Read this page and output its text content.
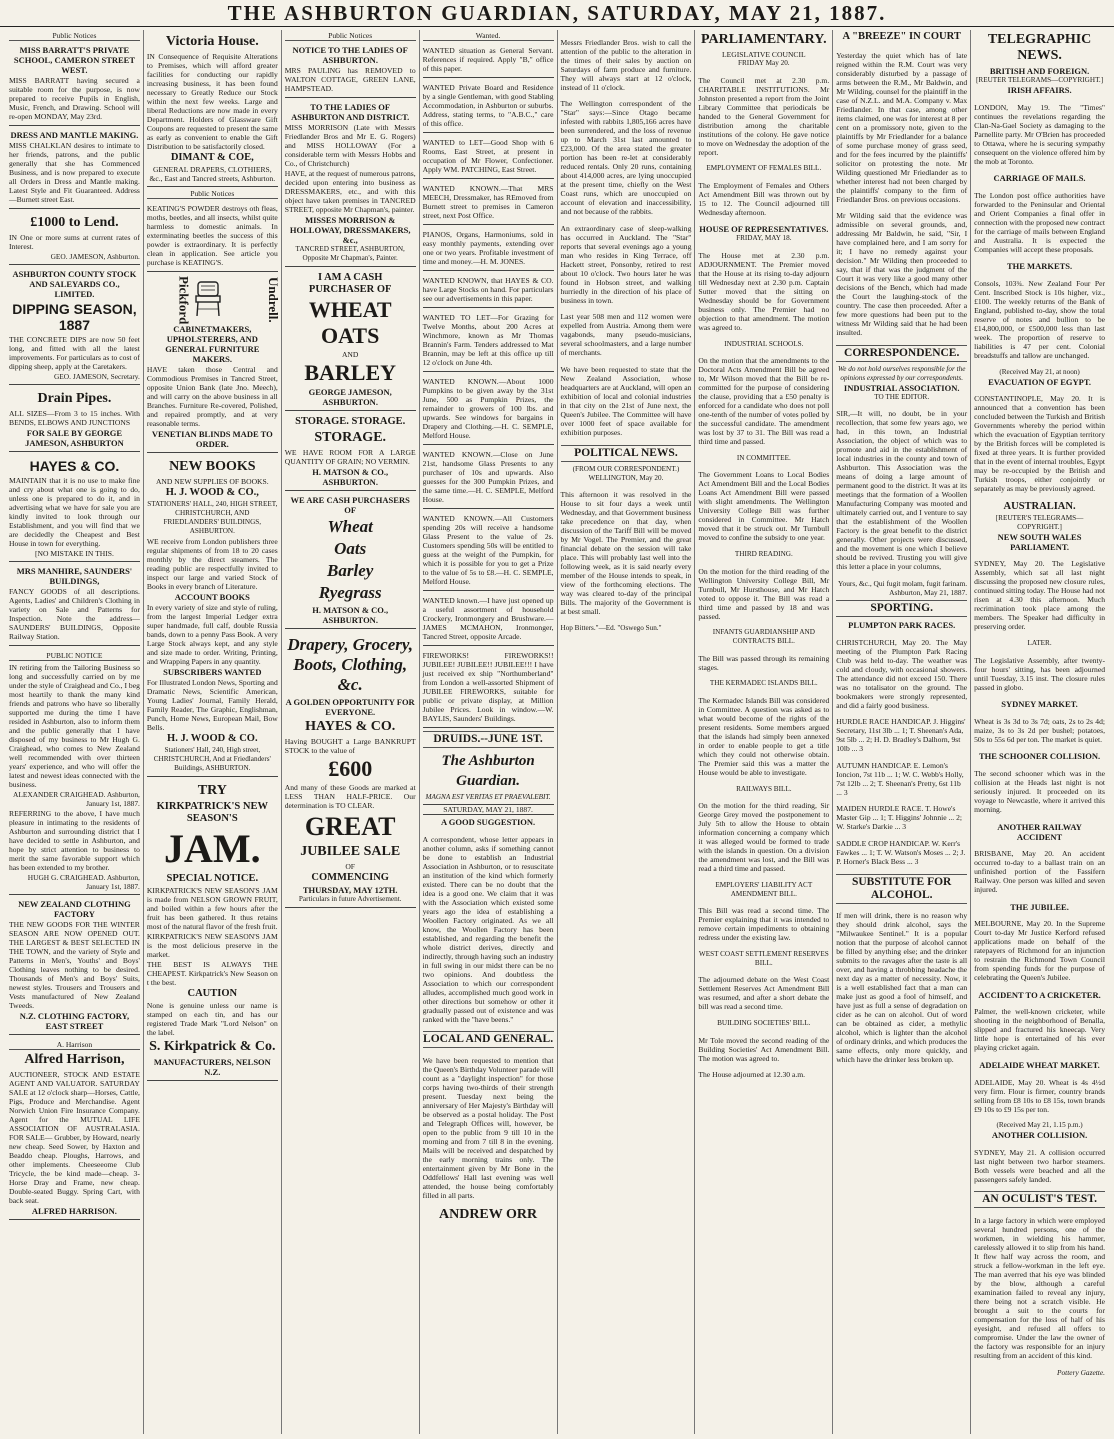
THE ASHBURTON GUARDIAN, SATURDAY, MAY 21, 1887.
Public Notices
MISS BARRATT'S PRIVATE SCHOOL, CAMERON STREET WEST.

MISS BARRATT having secured a suitable room for the purpose, is now prepared to receive Pupils in English, Music, French, and Drawing. School will re-open MONDAY, May 23rd.

DRESS AND MANTLE MAKING.

MISS CHALKLAN desires to intimate to her friends, patrons, and the public generally that she has Commenced Business, and is now prepared to execute all Orders in Dress and Mantle making. Latest Style and Fit Guaranteed. Address—Burnett street East.

£1000 to Lend.

IN One or more sums at current rates of Interest.

GEO. JAMESON, Ashburton.
ASHBURTON COUNTY STOCK AND SALEYARDS CO., LIMITED.
DIPPING SEASON, 1887

THE CONCRETE DIPS are now 50 feet long, and fitted with all the latest improvements. For particulars as to cost of dipping sheep, apply at the Caretakers.

GEO. JAMESON, Secretary.
Drain Pipes.

ALL SIZES—From 3 to 15 inches. With BENDS, ELBOWS AND JUNCTIONS

FOR SALE BY GEORGE JAMESON, ASHBURTON
HAYES & CO.

MAINTAIN that it is no use to make fine and cry about what one is going to do, unless one is prepared to do it, and in advertising what we have for sale you are kindly invited to look through our Establishment, and you will find that we are decidedly the Cheapest and Best House in town for everything.

[NO MISTAKE IN THIS.
MRS MANHIRE, SAUNDERS' BUILDINGS,

FANCY GOODS of all descriptions. Agents, Ladies' and Children's Clothing in variety on Sale and Patterns for Inspection. Note the address— SAUNDERS' BUILDINGS, Opposite Railway Station.

PUBLIC NOTICE

IN retiring from the Tailoring Business so long and successfully carried on by me under the style of Craighead and Co., I beg most heartily to thank the many kind friends and patrons who have so liberally supported me during the time I have resided in Ashburton, also to inform them and the public generally that I have disposed of my business to Mr Hugh G. Craighead, who comes to New Zealand well recommended with over thirteen years' experience, and who will offer the latest and newest ideas connected with the business.

ALEXANDER CRAIGHEAD. Ashburton, January 1st, 1887.

REFERRING to the above, I have much pleasure in intimating to the residents of Ashburton and surrounding district that I have decided to settle in Ashburton, and hope by strict attention to business to merit the same favorable support which has been extended to my brother.

HUGH G. CRAIGHEAD. Ashburton, January 1st, 1887.
NEW ZEALAND CLOTHING FACTORY

THE NEW GOODS FOR THE WINTER SEASON ARE NOW OPENED OUT. THE LARGEST & BEST SELECTED IN THE TOWN, and the variety of Style and Patterns in Men's, Youths' and Boys' Clothing leaves nothing to be desired. Thousands of Men's and Boys' Suits, newest styles. Trousers and Trousers and Vests manufactured of New Zealand Tweeds.

N.Z. CLOTHING FACTORY, EAST STREET
A. Harrison
Alfred Harrison,

AUCTIONEER, STOCK AND ESTATE AGENT AND VALUATOR. SATURDAY SALE at 12 o'clock sharp—Horses, Cattle, Pigs, Produce and Merchandise. Agent Norwich Union Fire Insurance Company. Agent for the MUTUAL LIFE ASSOCIATION OF AUSTRALASIA. FOR SALE— Grubber, by Howard, nearly new cheap. Seed Sower, by Haxton and Beaddo cheap. Ploughs, Harrows, and other implements. Cheeseeome Club Tricycle, the be kind made—cheap. 3-Horse Dray and Frame, new cheap. Double-seated Buggy. Spring Cart, with back seat.

ALFRED HARRISON.
Victoria House.

IN Consequence of Requisite Alterations to Premises, which will afford greater facilities for conducting our rapidly increasing business, it has been found necessary to Greatly Reduce our Stock within the next few weeks. Large and liberal Reductions are now made in every Department. Holders of Glassware Gift Coupons are requested to present the same as early as convenient to enable the Gift Distribution to be satisfactorily closed.

DIMANT & COE,
GENERAL DRAPERS, CLOTHIERS, &c., East and Tancred streets, Ashburton.
Public Notices

KEATING'S POWDER destroys oth fleas, moths, beetles, and all insects, whilst quite harmless to domestic animals. In exterminating beetles the success of this powder is extraordinary. It is perfectly clean in application. See article you purchase is KEATING'S.

Pickford	Undrell.
CABINETMAKERS, UPHOLSTERERS, AND GENERAL FURNITURE MAKERS.

HAVE taken those Central and Commodious Premises in Tancred Street, opposite Union Bank (late Jno. Meech), and will carry on the above business in all Branches. Furniture Re-covered, Polished, and repaired promptly, and at very reasonable terms.

VENETIAN BLINDS MADE TO ORDER.
NEW BOOKS
AND NEW SUPPLIES OF BOOKS.
H. J. WOOD & CO.,
STATIONERS' HALL, 240, HIGH STREET, CHRISTCHURCH, AND FRIEDLANDERS' BUILDINGS, ASHBURTON.

WE receive from London publishers three regular shipments of from 18 to 20 cases monthly by the direct steamers. The reading public are respectfully invited to inspect our large and varied Stock of Books in every branch of Literature.

ACCOUNT BOOKS

In every variety of size and style of ruling, from the largest Imperial Ledger extra super handmade, full calf, double Russia bands, down to a penny Pass Book. A very Large Stock always kept, and any style and size made to order. Writing, Printing, and Wrapping Papers in any quantity.

SUBSCRIBERS WANTED

For Illustrated London News, Sporting and Dramatic News, Scientific American, Young Ladies' Journal, Family Herald, Family Reader, The Graphic, Englishman, Punch, Home News, European Mail, Bow Bells.

H. J. WOOD & CO.
Stationers' Hall, 240, High street, CHRISTCHURCH, And at Friedlanders' Buildings, ASHBURTON.
TRY
KIRKPATRICK'S NEW SEASON'S
JAM.
SPECIAL NOTICE.

KIRKPATRICK'S NEW SEASON'S JAM is made from NELSON GROWN FRUIT, and boiled within a few hours after the fruit has been gathered. It thus retains most of the natural flavor of the fresh fruit.

KIRKPATRICK'S NEW SEASON'S JAM is the most delicious preserve in the market.

THE BEST IS ALWAYS THE CHEAPEST. Kirkpatrick's New Season on t the best.

CAUTION

None is genuine unless our name is stamped on each tin, and has our registered Trade Mark "Lord Nelson" on the label.

S. Kirkpatrick & Co.
MANUFACTURERS, NELSON N.Z.
Public Notices
NOTICE TO THE LADIES OF ASHBURTON.

MRS PAULING has REMOVED to WALTON COTTAGE, GREEN LANE, HAMPSTEAD.

TO THE LADIES OF ASHBURTON AND DISTRICT.

MISS MORRISON (Late with Messrs Friedlander Bros and Mr E. G. Rogers) and MISS HOLLOWAY (For a considerable term with Messrs Hobbs and Co., of Christchurch)

HAVE, at the request of numerous patrons, decided upon entering into business as DRESSMAKERS, etc., and with this object have taken premises in TANCRED STREET, opposite Mr Chapman's, painter.

MISSES MORRISON & HOLLOWAY, DRESSMAKERS, &c.,
TANCRED STREET, ASHBURTON, Opposite Mr Chapman's, Painter.
I AM A CASH PURCHASER OF
WHEAT
OATS
AND
BARLEY
GEORGE JAMESON, ASHBURTON.
STORAGE. STORAGE.
STORAGE.

WE HAVE ROOM FOR A LARGE QUANTITY OF GRAIN; NO VERMIN.

H. MATSON & CO., ASHBURTON.
WE ARE CASH PURCHASERS OF
Wheat
Oats
Barley
Ryegrass
H. MATSON & CO., ASHBURTON.
Drapery, Grocery, Boots, Clothing, &c.
A GOLDEN OPPORTUNITY FOR EVERYONE.
HAYES & CO.

Having BOUGHT a Large BANKRUPT STOCK to the value of

£600

And many of these Goods are marked at LESS THAN HALF-PRICE. Our determination is TO CLEAR.

GREAT
JUBILEE SALE
OF
COMMENCING
THURSDAY, MAY 12TH.
Particulars in future Advertisement.
Wanted.

WANTED situation as General Servant. References if required. Apply "B," office of this paper.

WANTED Private Board and Residence by a single Gentleman, with good Stabling Accommodation, in Ashburton or suburbs. Address, stating terms, to "A.B.C.," care of this office.

WANTED to LET—Good Shop with 6 Rooms, East Street, at present in occupation of Mr Flower, Confectioner. Apply WM. PATCHING, East Street.

WANTED KNOWN.—That MRS MEECH, Dressmaker, has REmoved from Burnett street to premises in Cameron street, next Post Office.

PIANOS, Organs, Harmoniums, sold in easy monthly payments, extending over one or two years. Profitable investment of time and money.—H. M. JONES.

WANTED KNOWN, that HAYES & CO. have Large Stocks on hand. For particulars see our advertisements in this paper.

WANTED TO LET—For Grazing for Twelve Months, about 200 Acres at Winchmore, known as Mr Thomas Brannin's Farm. Tenders addressed to Mat Brannin, may be left at this office up till 12 o'clock on June 4th.

WANTED KNOWN.—About 1000 Pumpkins to be given away by the 31st June, 500 as Pumpkin Prizes, the remainder to growers of 100 lbs. and upwards. See windows for bargains in Drapery and Clothing.—H. C. SEMPLE, Melford House.

WANTED KNOWN.—Close on June 21st, handsome Glass Presents to any purchaser of 10s and upwards. Also guesses for the 300 Pumpkin Prizes, and the same time.—H. C. SEMPLE, Melford House.

WANTED KNOWN.—All Customers spending 20s will receive a handsome Glass Present to the value of 2s. Customers spending 50s will be entitled to guess at the weight of the Pumpkin, for which it is possible for you to get a Prize to the value of 5s to £8.—H. C. SEMPLE, Melford House.

WANTED known.—I have just opened up a useful assortment of household Crockery, Ironmongery and Brushware.—JAMES MCMAHON, Ironmonger, Tancred Street, opposite Arcade.

FIREWORKS! FIREWORKS!! JUBILEE! JUBILEE!! JUBILEE!!! I have just received ex ship "Northumberland" from London a well-assorted Shipment of JUBILEE FIREWORKS, suitable for public or private display, at Million Jubilee Prices. Look in window.—W. BAYLIS, Saunders' Buildings.

DRUIDS.--JUNE 1ST.
The Ashburton Guardian.
MAGNA EST VERITAS ET PRAEVALEBIT.
SATURDAY, MAY 21, 1887.
A GOOD SUGGESTION.

A correspondent, whose letter appears in another column, asks if something cannot be done to establish an Industrial Association in Ashburton, or to resuscitate an institution of the kind which formerly existed. There can be no doubt that the idea is a good one. We claim that it was with the Association which existed some years ago the idea of establishing a Woollen Factory originated. As we all know, the Woollen Factory has been established, and regarding the benefit the whole district derives, directly and indirectly, through having such an industry in full swing in our midst there can be no two opinions. And doubtless the Association to which our correspondent alludes, accomplished much good work in other directions but somehow or other it gradually passed out of existence and was ranked with the "have beens."

LOCAL AND GENERAL.

We have been requested to mention that the Queen's Birthday Volunteer parade will count as a "daylight inspection" for those corps having two-thirds of their strength present. Tuesday next being the anniversary of Her Majesty's Birthday will be observed as a postal holiday. The Post and Telegraph Offices will, however, be open to the public from 9 till 10 in the morning and from 7 till 8 in the evening. Mails will be received and despatched by the early morning trains only. The entertainment given by Mr Bone in the Oddfellows' Hall last evening was well attended, the house being comfortably filled in all parts.

ANDREW ORR

Messrs Friedlander Bros. wish to call the attention of the public to the alteration in the times of their sales by auction on Saturdays of farm produce and furniture. They will always start at 12 o'clock, instead of 11 o'clock.

The Wellington correspondent of the "Star" says:—Since Otago became infested with rabbits 1,805,166 acres have been surrendered, and the loss of revenue up to March 31st last amounted to £23,000. Of the area stated the greater portion has been re-let at considerably reduced rentals. Only 20 runs, containing about 414,000 acres, are lying unoccupied at the present time, chiefly on the West Coast runs, which are unoccupied on account of elevation and inaccessibility, and not because of the rabbits.

An extraordinary case of sleep-walking has occurred in Auckland. The "Star" reports that several evenings ago a young man who resides in King Terrace, off Hackett street, Ponsonby, retired to rest about 10 o'clock. Two hours later he was found in Hobson street, and walking hurriedly in the direction of his place of business in town.

Last year 508 men and 112 women were expelled from Austria. Among them were vagabonds, many pseudo-musicians, several schoolmasters, and a large number of merchants.

We have been requested to state that the New Zealand Association, whose headquarters are at Auckland, will open an exhibition of local and colonial industries in that city on the 21st of June next, the Queen's Jubilee. The Committee will have over 1000 feet of space available for exhibition purposes.

POLITICAL NEWS.
(FROM OUR CORRESPONDENT.) WELLINGTON, May 20.

This afternoon it was resolved in the House to sit four days a week until Wednesday, and that Government business take precedence on that day, when discussion of the Tariff Bill will be moved by Mr Vogel. The Premier, and the great financial debate on the session will take place. This will probably last well into the following week, as it is said nearly every member of the House intends to speak, in view of the forthcoming elections. The way was cleared to-day of the principal Bills. The majority of the Government is at best small.

Hop Bitters."—Ed. "Oswego Sun."
PARLIAMENTARY.
LEGISLATIVE COUNCIL
FRIDAY May 20.

The Council met at 2.30 p.m. CHARITABLE INSTITUTIONS. Mr Johnston presented a report from the Joint Library Committee that periodicals be handed to the General Government for distribution among the charitable institutions of the colony. He gave notice to move on Wednesday the adoption of the report.

EMPLOYMENT OF FEMALES BILL.

The Employment of Females and Others Act Amendment Bill was thrown out by 15 to 12. The Council adjourned till Wednesday afternoon.

HOUSE OF REPRESENTATIVES.
FRIDAY, MAY 18.

The House met at 2.30 p.m. ADJOURNMENT. The Premier moved that the House at its rising to-day adjourn till Wednesday next at 2.30 p.m. Captain Sutter moved that the sitting on Wednesday should be for Government business only. The Premier had no objection to that amendment. The motion was agreed to.

INDUSTRIAL SCHOOLS.

On the motion that the amendments to the Doctoral Acts Amendment Bill be agreed to, Mr Wilson moved that the Bill be re-committed for the purpose of considering the clause, providing that a £50 penalty is enforced for a candidate who does not poll one-tenth of the number of votes polled by the successful candidate. The amendment was lost by 37 to 31. The Bill was read a third time and passed.

IN COMMITTEE.

The Government Loans to Local Bodies Act Amendment Bill and the Local Bodies Loans Act Amendment Bill were passed with slight amendments. The Wellington University College Bill was further considered in Committee. Mr Hatch moved that it be struck out. Mr Turnbull moved to confine the subsidy to one year.

THIRD READING.

On the motion for the third reading of the Wellington University College Bill, Mr Turnbull, Mr Hursthouse, and Mr Hatch voted to oppose it. The Bill was read a third time and passed by 18 and was passed.

INFANTS GUARDIANSHIP AND CONTRACTS BILL.

The Bill was passed through its remaining stages.

THE KERMADEC ISLANDS BILL.

The Kermadec Islands Bill was considered in Committee. A question was asked as to what would become of the rights of the present residents. Some members argued that the islands had simply been annexed in order to enable people to get a title which they could not otherwise obtain. The Premier said this was a matter the House would be able to investigate.

RAILWAYS BILL.

On the motion for the third reading, Sir George Grey moved the postponement to July 5th to allow the House to obtain information concerning a company which it was alleged would be formed to trade with the islands in question. On a division the amendment was lost, and the Bill was read a third time and passed.

EMPLOYERS' LIABILITY ACT AMENDMENT BILL.

This Bill was read a second time. The Premier explaining that it was intended to remove certain impediments to obtaining redress under the existing law.

WEST COAST SETTLEMENT RESERVES BILL.

The adjourned debate on the West Coast Settlement Reserves Act Amendment Bill was resumed, and after a short debate the bill was read a second time.

BUILDING SOCIETIES' BILL.

Mr Tole moved the second reading of the Building Societies' Act Amendment Bill. The motion was agreed to.

The House adjourned at 12.30 a.m.

A "BREEZE" IN COURT

Yesterday the quiet which has of late reigned within the R.M. Court was very considerably disturbed by a passage of arms between the R.M., Mr Baldwin, and Mr Wilding, counsel for the plaintiff in the case of N.Z.L. and M.A. Company v. Max Friedlander. In that case, among other items claimed, one was for interest at 8 per cent on a promissory note, given to the plaintiffs by Mr Friedlander for a balance of some purchase money of grass seed, and for the fees incurred by the plaintiffs' solicitor on protesting the note. Mr Wilding questioned Mr Friedlander as to whether interest had not been charged by the plaintiffs' company to the firm of Friedlander Bros. on previous occasions.

Mr Wilding said that the evidence was admissible on several grounds, and, addressing Mr Baldwin, he said, "Sir, I have complained here, and I am sorry for it; I have no remedy against your decision." Mr Wilding then proceeded to say, that if that was the judgment of the Court it was very like a good many other decisions of the Bench, which had made the Court the laughing-stock of the country. The case then proceeded. After a few more questions had been put to the witness Mr Wilding said that he had been insulted.

CORRESPONDENCE.
We do not hold ourselves responsible for the opinions expressed by our correspondents.
INDUSTRIAL ASSOCIATION.
TO THE EDITOR.

SIR,—It will, no doubt, be in your recollection, that some few years ago, we had, in this town, an Industrial Association, the object of which was to promote and aid in the establishment of local industries in the county and town of Ashburton. This Association was the means of doing a large amount of permanent good to the district. It was at its meetings that the formation of a Woollen Manufacturing Company was mooted and ultimately carried out, and I venture to say that the establishment of the Woollen Factory is the great benefit to the district generally. Other projects were discussed, and the movement is one which I believe should be revived. Trusting you will give this letter a place in your columns,

Yours, &c., Qui fugit molam, fugit farinam. Ashburton, May 21, 1887.
SPORTING.
PLUMPTON PARK RACES.

CHRISTCHURCH, May 20. The May meeting of the Plumpton Park Racing Club was held to-day. The weather was cold and cloudy, with occasional showers. The attendance did not exceed 150. There was no totalisator on the ground. The bookmakers were strongly represented, and did a fairly good business.

HURDLE RACE HANDICAP. J. Higgins' Secretary, 11st 3lb ... 1; T. Sheenan's Ada, 9st 5lb ... 2; H. D. Bradley's Dalhorn, 9st 10lb ... 3

AUTUMN HANDICAP. E. Lemon's Ioncion, 7st 11b ... 1; W. C. Webb's Holly, 7st 12lb ... 2; T. Sheenan's Pretty, 6st 11b ... 3

MAIDEN HURDLE RACE. T. Howe's Master Gip ... 1; T. Higgins' Johnnie ... 2; W. Starke's Darkie ... 3

SADDLE CROP HANDICAP. W. Kerr's Fawkes ... 1; T. W. Watson's Moses ... 2; J. P. Horner's Black Bess ... 3

SUBSTITUTE FOR ALCOHOL.

If men will drink, there is no reason why they should drink alcohol, says the "Milwaukee Sentinel." It is a popular notion that the purpose of alcohol cannot be filled by anything else; and the drinker submits to the ravages after the taste is all over, and having a throbbing headache the next day as a matter of necessity. Now, it is a well established fact that a man can make just as good a fool of himself, and have just as full a sense of degradation on cider as he can on alcohol. Out of word can be obtained as cider, a methylic alcohol, which is lighter than the alcohol of ordinary drinks, and which produces the same effects, only more quickly, and which have the drinker less broken up.

TELEGRAPHIC NEWS.
BRITISH AND FOREIGN.
[REUTER TELEGRAMS—COPYRIGHT.]
IRISH AFFAIRS.

LONDON, May 19. The "Times" continues the revelations regarding the Clan-Na-Gael Society as damaging to the Parnellite party. Mr O'Brien has proceeded to Ottawa, where he is securing sympathy consequent on the violence offered him by the mob at Toronto.

CARRIAGE OF MAILS.

The London post office authorities have forwarded to the Peninsular and Oriental and Orient Companies a final offer in connection with the proposed new contract for the carriage of mails between England and Australia. It is expected the Companies will accept these proposals.

THE MARKETS.

Consols, 103¾. New Zealand Four Per Cent. Inscribed Stock is 10s higher, viz., £100. The weekly returns of the Bank of England, published to-day, show the total reserve of notes and bullion to be £14,800,000, or £500,000 less than last week. The proportion of reserve to liabilities is 47 per cent. Colonial breadstuffs and tallow are unchanged.

(Received May 21, at noon)
EVACUATION OF EGYPT.

CONSTANTINOPLE, May 20. It is announced that a convention has been concluded between the Turkish and British Governments whereby the period within which the evacuation of Egyptian territory by the British forces will be completed is fixed at three years. It is further provided that in the event of internal troubles, Egypt may be re-occupied by the British and Turkish troops, either conjointly or separately as may be previously agreed.

AUSTRALIAN.
[REUTER'S TELEGRAMS—COPYRIGHT.]
NEW SOUTH WALES PARLIAMENT.

SYDNEY, May 20. The Legislative Assembly, which sat all last night discussing the proposed new closure rules, continued sitting today. The House had not risen at 4.30 this afternoon. Much recrimination took place among the members. The Speaker had difficulty in preserving order.

LATER.

The Legislative Assembly, after twenty-four hours' sitting, has been adjourned until Tuesday, 3.15 inst. The closure rules passed in globo.

SYDNEY MARKET.

Wheat is 3s 3d to 3s 7d; oats, 2s to 2s 4d; maize, 3s to 3s 2d per bushel; potatoes, 50s to 55s 6d per ton. The market is quiet.

THE SCHOONER COLLISION.

The second schooner which was in the collision at the Heads last night is not seriously injured. It proceeded on its voyage to Newcastle, where it arrived this morning.

ANOTHER RAILWAY ACCIDENT

BRISBANE, May 20. An accident occurred to-day to a ballast train on an unfinished portion of the Fassifern Railway. One person was killed and seven injured.

THE JUBILEE.

MELBOURNE, May 20. In the Supreme Court to-day Mr Justice Kerford refused applications made on behalf of the ratepayers of Richmond for an injunction to restrain the Richmond Town Council from spending funds for the purpose of celebrating the Queen's Jubilee.

ACCIDENT TO A CRICKETER.

Palmer, the well-known cricketer, while shooting in the neighborhood of Benalla, slipped and fractured his kneecap. Very little hope is entertained of his ever playing cricket again.

ADELAIDE WHEAT MARKET.

ADELAIDE, May 20. Wheat is 4s 4½d very firm. Flour is firmer, country brands selling from £8 10s to £8 15s, town brands £9 10s to £9 15s per ton.

(Received May 21, 1.15 p.m.)
ANOTHER COLLISION.

SYDNEY, May 21. A collision occurred last night between two harbor steamers. Both vessels were beached and all the passengers safely landed.

AN OCULIST'S TEST.

In a large factory in which were employed several hundred persons, one of the workmen, in wielding his hammer, carelessly allowed it to slip from his hand. It flew half way across the room, and struck a fellow-workman in the left eye. The man averred that his eye was blinded by the blow, although a careful examination failed to reveal any injury, there being not a scratch visible. He brought a suit to the courts for compensation for the loss of half of his eyesight, and refused all offers to compromise. Under the law the owner of the factory was responsible for an injury resulting from an accident of this kind.

Pottery Gazette.
